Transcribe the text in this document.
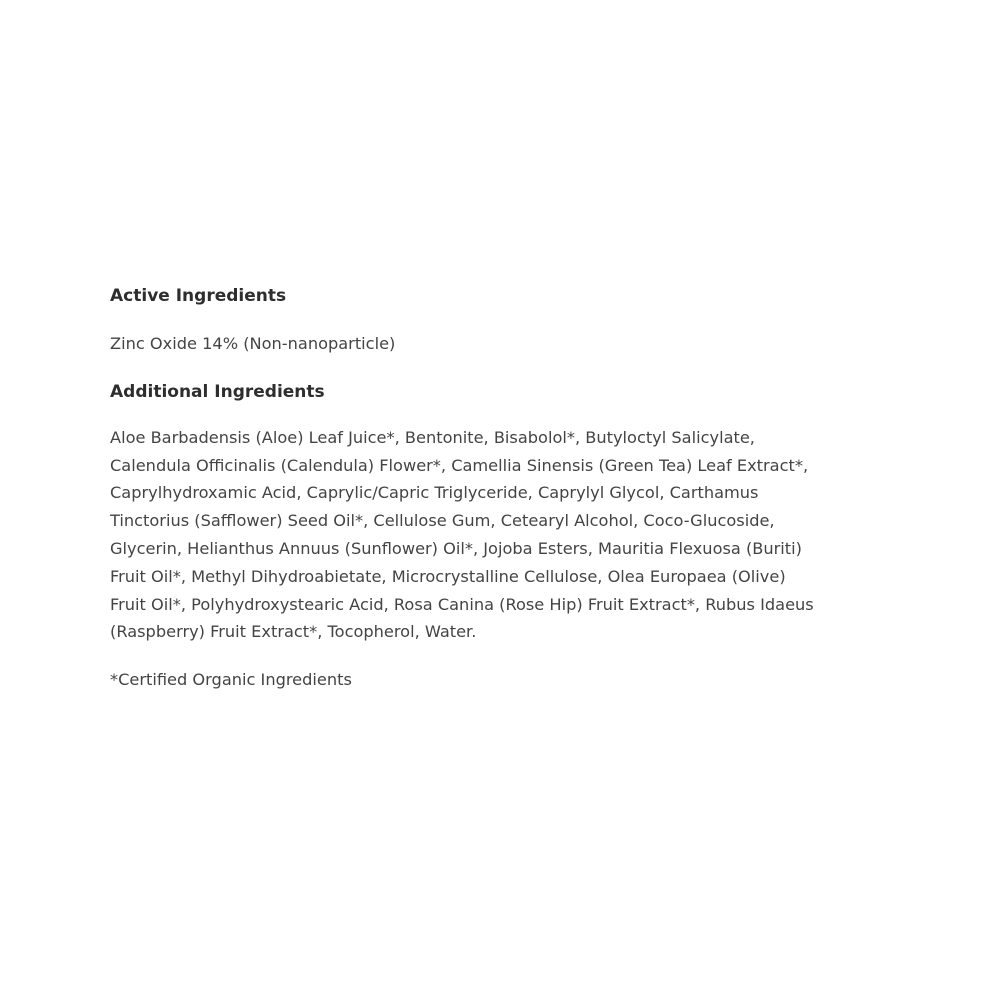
Active Ingredients

Zinc Oxide 14% (Non-nanoparticle)

Additional Ingredients
Aloe Barbadensis (Aloe) Leaf Juice*, Bentonite, Bisabolol*, Butyloctyl Salicylate,
Calendula Officinalis (Calendula) Flower*, Camellia Sinensis (Green Tea) Leaf Extract*,
Caprylhydroxamic Acid, Caprylic/Capric Triglyceride, Caprylyl Glycol, Carthamus
Tinctorius (Safflower) Seed Oil*, Cellulose Gum, Cetearyl Alcohol, Coco-Glucoside,
Glycerin, Helianthus Annuus (Sunflower) Oil*, Jojoba Esters, Mauritia Flexuosa (Buriti)
Fruit Oil*, Methyl Dihydroabietate, Microcrystalline Cellulose, Olea Europaea (Olive)
Fruit Oil*, Polyhydroxystearic Acid, Rosa Canina (Rose Hip) Fruit Extract*, Rubus Idaeus
(Raspberry) Fruit Extract*, Tocopherol, Water.

*Certified Organic Ingredients
